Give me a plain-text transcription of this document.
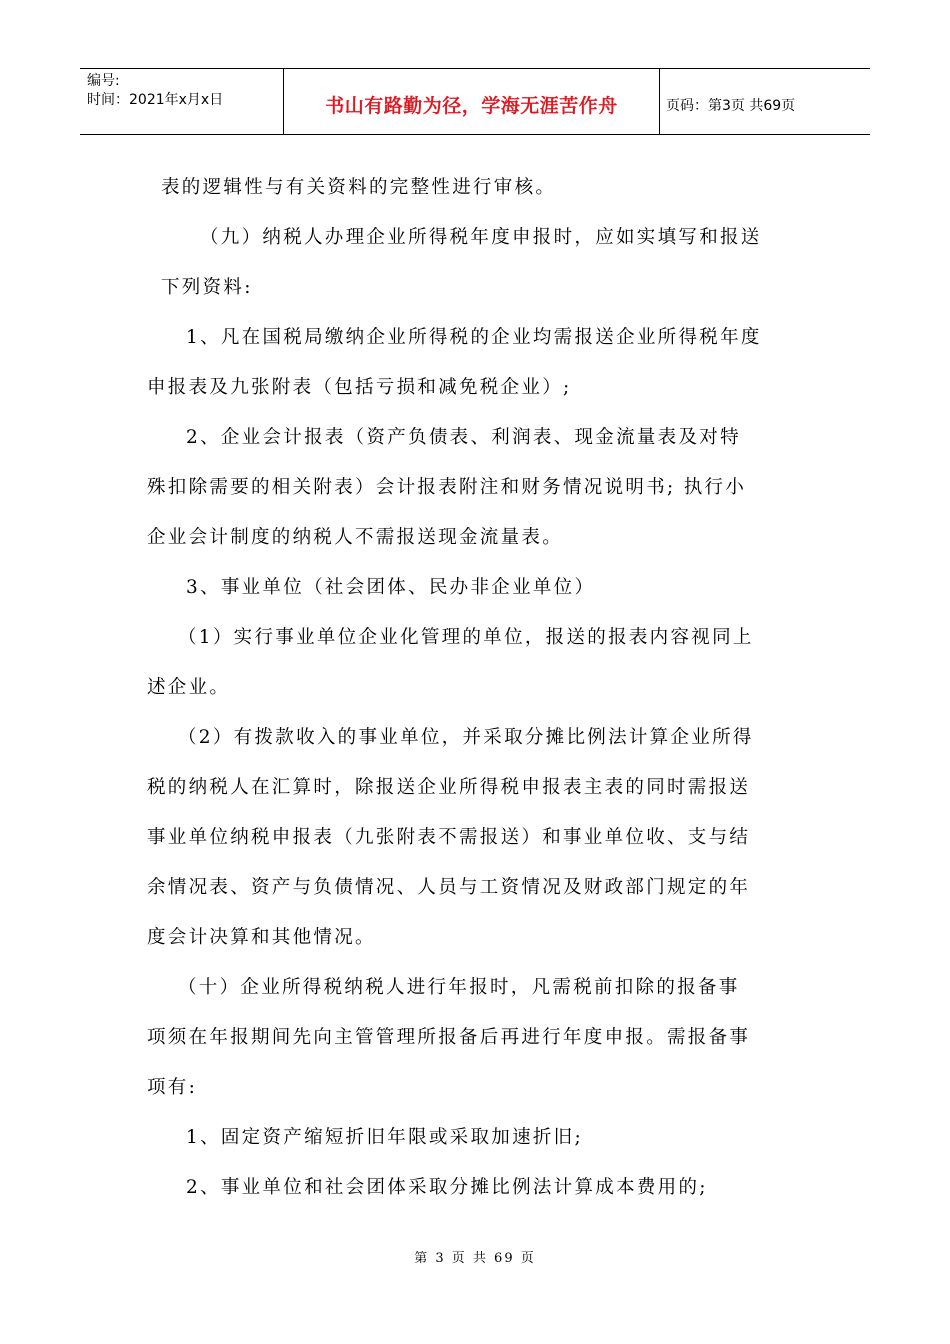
编号:
时间：2021年x月x日	书山有路勤为径，学海无涯苦作舟	页码：第3页 共69页
表的逻辑性与有关资料的完整性进行审核。
（九）纳税人办理企业所得税年度申报时，应如实填写和报送
下列资料:
1、凡在国税局缴纳企业所得税的企业均需报送企业所得税年度
申报表及九张附表（包括亏损和减免税企业）;
2、企业会计报表（资产负债表、利润表、现金流量表及对特
殊扣除需要的相关附表）会计报表附注和财务情况说明书; 执行小
企业会计制度的纳税人不需报送现金流量表。
3、事业单位（社会团体、民办非企业单位）
（1）实行事业单位企业化管理的单位，报送的报表内容视同上
述企业。
（2）有拨款收入的事业单位，并采取分摊比例法计算企业所得
税的纳税人在汇算时，除报送企业所得税申报表主表的同时需报送
事业单位纳税申报表（九张附表不需报送）和事业单位收、支与结
余情况表、资产与负债情况、人员与工资情况及财政部门规定的年
度会计决算和其他情况。
（十）企业所得税纳税人进行年报时，凡需税前扣除的报备事
项须在年报期间先向主管管理所报备后再进行年度申报。需报备事
项有:
1、固定资产缩短折旧年限或采取加速折旧;
2、事业单位和社会团体采取分摊比例法计算成本费用的;
第 3 页 共 69 页
